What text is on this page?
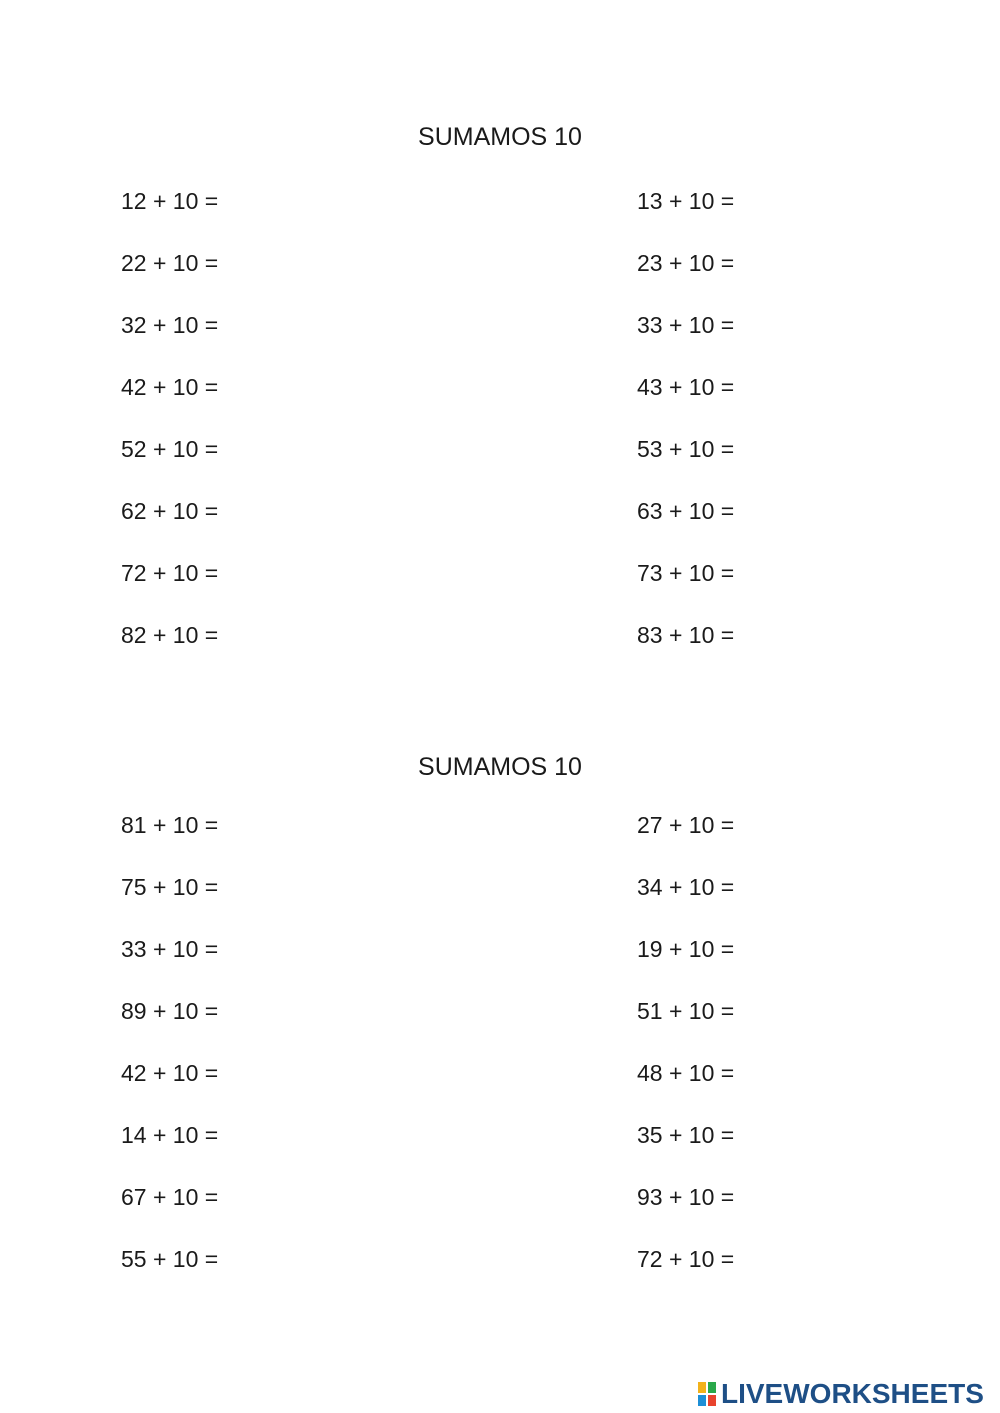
SUMAMOS 10
12 + 10 =
22 + 10 =
32 + 10 =
42 + 10 =
52 + 10 =
62 + 10 =
72 + 10 =
82 + 10 =
13 + 10 =
23 + 10 =
33 + 10 =
43 + 10 =
53 + 10 =
63 + 10 =
73 + 10 =
83 + 10 =
SUMAMOS 10
81 + 10 =
75 + 10 =
33 + 10 =
89 + 10 =
42 + 10 =
14 + 10 =
67 + 10 =
55 + 10 =
27 + 10 =
34 + 10 =
19 + 10 =
51 + 10 =
48 + 10 =
35 + 10 =
93 + 10 =
72 + 10 =
LIVEWORKSHEETS
